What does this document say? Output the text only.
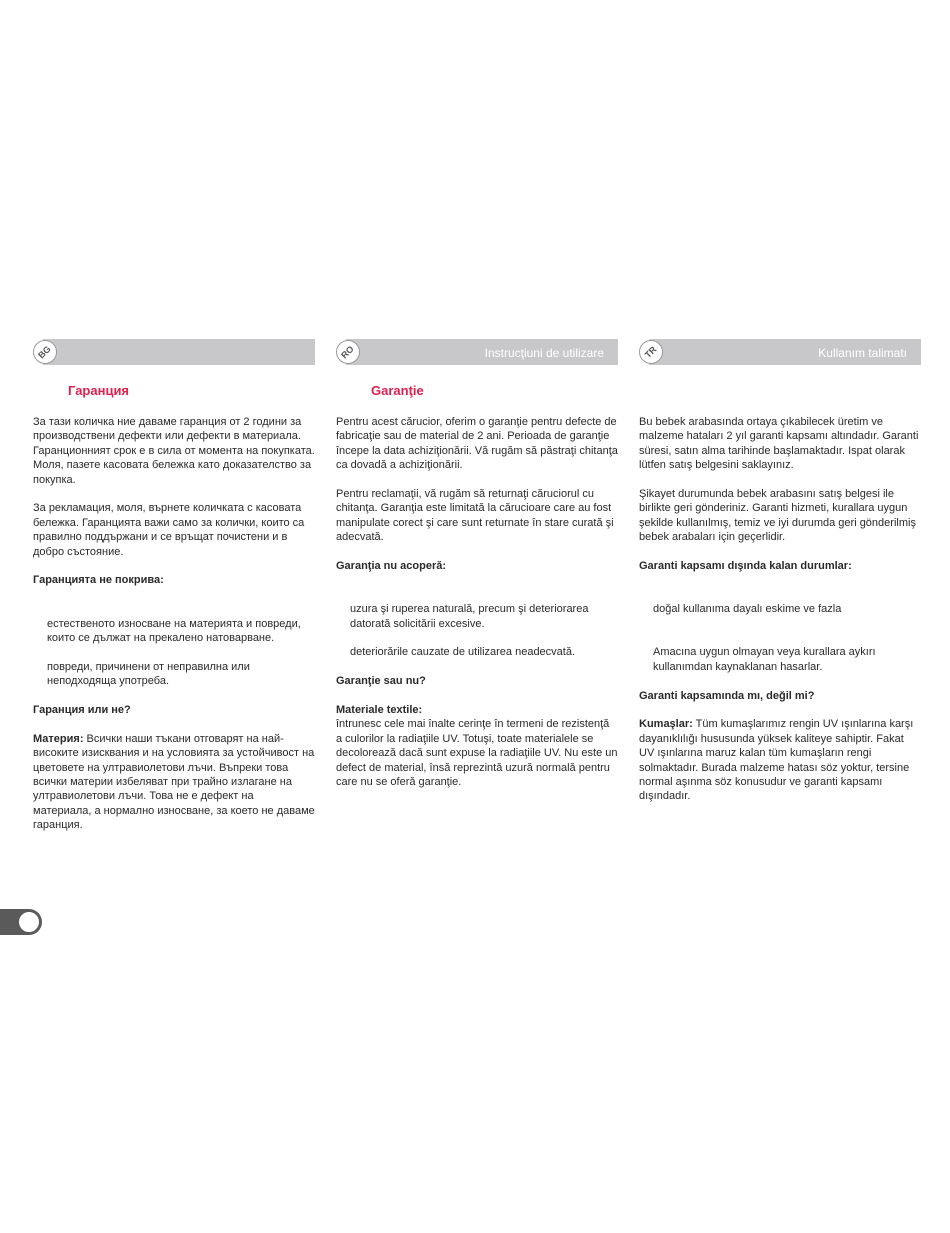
BG
Гаранция

За тази количка ние даваме гаранция от 2 години за производствени дефекти или дефекти в материала. Гаранционният срок е в сила от момента на покупката. Моля, пазете касовата бележка като доказателство за покупка.

За рекламация, моля, върнете количката с касовата бележка. Гаранцията важи само за колички, които са правилно поддържани и се връщат почистени и в добро състояние.

Гаранцията не покрива:

естественото износване на материята и повреди, които се дължат на прекалено натоварване.

повреди, причинени от неправилна или неподходяща употреба.

Гаранция или не?

Материя: Всички наши тъкани отговарят на най-високите изисквания и на условията за устойчивост на цветовете на ултравиолетови лъчи. Въпреки това всички материи избеляват при трайно излагане на ултравиолетови лъчи. Това не е дефект на материала, а нормално износване, за което не даваме гаранция.

RO	Instrucţiuni de utilizare
Garanţie

Pentru acest cărucior, oferim o garanţie pentru defecte de fabricaţie sau de material de 2 ani. Perioada de garanţie începe la data achiziţionării. Vă rugăm să păstraţi chitanţa ca dovadă a achiziţionării.

Pentru reclamaţii, vă rugăm să returnaţi căruciorul cu chitanţa. Garanţia este limitată la cărucioare care au fost manipulate corect şi care sunt returnate în stare curată şi adecvată.

Garanţia nu acoperă:

uzura şi ruperea naturală, precum şi deteriorarea datorată solicitării excesive.

deteriorările cauzate de utilizarea neadecvată.

Garanţie sau nu?

Materiale textile:
întrunesc cele mai înalte cerinţe în termeni de rezistenţă a culorilor la radiaţiile UV. Totuşi, toate materialele se decolorează dacă sunt expuse la radiaţiile UV. Nu este un defect de material, însă reprezintă uzură normală pentru care nu se oferă garanţie.

TR	Kullanım talimatı

Bu bebek arabasında ortaya çıkabilecek üretim ve malzeme hataları 2 yıl garanti kapsamı altındadır. Garanti süresi, satın alma tarihinde başlamaktadır. Ispat olarak lütfen satış belgesini saklayınız.

Şikayet durumunda bebek arabasını satış belgesi ile birlikte geri gönderiniz. Garanti hizmeti, kurallara uygun şekilde kullanılmış, temiz ve iyi durumda geri gönderilmiş bebek arabaları için geçerlidir.

Garanti kapsamı dışında kalan durumlar:

doğal kullanıma dayalı eskime ve fazla

Amacına uygun olmayan veya kurallara aykırı kullanımdan kaynaklanan hasarlar.

Garanti kapsamında mı, değil mi?

Kumaşlar: Tüm kumaşlarımız rengin UV ışınlarına karşı dayanıklılığı hususunda yüksek kaliteye sahiptir. Fakat UV ışınlarına maruz kalan tüm kumaşların rengi solmaktadır. Burada malzeme hatası söz yoktur, tersine normal aşınma söz konusudur ve garanti kapsamı dışındadır.
